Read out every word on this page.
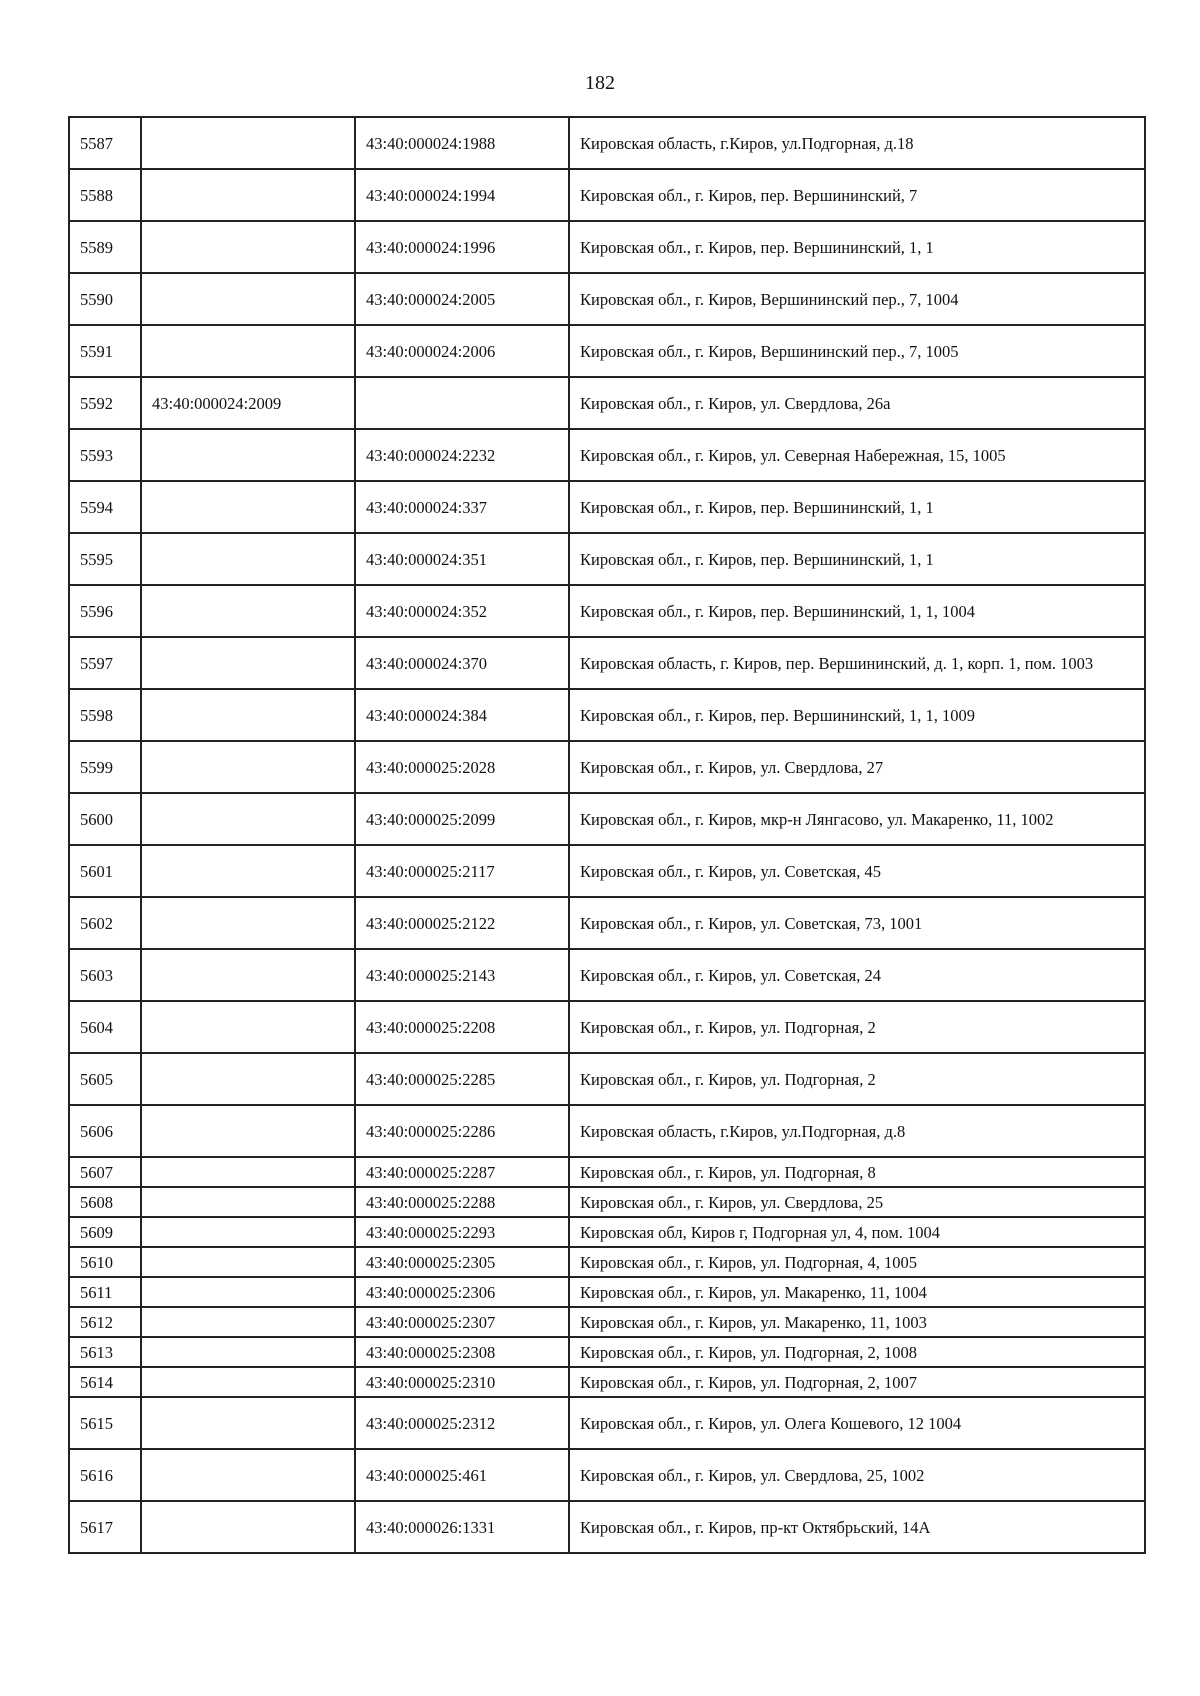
182
5587		43:40:000024:1988	Кировская область, г.Киров, ул.Подгорная, д.18
5588		43:40:000024:1994	Кировская обл., г. Киров, пер. Вершининский, 7
5589		43:40:000024:1996	Кировская обл., г. Киров, пер. Вершининский, 1, 1
5590		43:40:000024:2005	Кировская обл., г. Киров, Вершининский пер., 7, 1004
5591		43:40:000024:2006	Кировская обл., г. Киров, Вершининский пер., 7, 1005
5592	43:40:000024:2009		Кировская обл., г. Киров, ул. Свердлова, 26а
5593		43:40:000024:2232	Кировская обл., г. Киров, ул. Северная Набережная, 15, 1005
5594		43:40:000024:337	Кировская обл., г. Киров, пер. Вершининский, 1, 1
5595		43:40:000024:351	Кировская обл., г. Киров, пер. Вершининский, 1, 1
5596		43:40:000024:352	Кировская обл., г. Киров, пер. Вершининский, 1, 1, 1004
5597		43:40:000024:370	Кировская область, г. Киров, пер. Вершининский, д. 1, корп. 1, пом. 1003
5598		43:40:000024:384	Кировская обл., г. Киров, пер. Вершининский, 1, 1, 1009
5599		43:40:000025:2028	Кировская обл., г. Киров, ул. Свердлова, 27
5600		43:40:000025:2099	Кировская обл., г. Киров, мкр-н Лянгасово, ул. Макаренко, 11, 1002
5601		43:40:000025:2117	Кировская обл., г. Киров, ул. Советская, 45
5602		43:40:000025:2122	Кировская обл., г. Киров, ул. Советская, 73, 1001
5603		43:40:000025:2143	Кировская обл., г. Киров, ул. Советская, 24
5604		43:40:000025:2208	Кировская обл., г. Киров, ул. Подгорная, 2
5605		43:40:000025:2285	Кировская обл., г. Киров, ул. Подгорная, 2
5606		43:40:000025:2286	Кировская область, г.Киров, ул.Подгорная, д.8
5607		43:40:000025:2287	Кировская обл., г. Киров, ул. Подгорная, 8
5608		43:40:000025:2288	Кировская обл., г. Киров, ул. Свердлова, 25
5609		43:40:000025:2293	Кировская обл, Киров г, Подгорная ул, 4, пом. 1004
5610		43:40:000025:2305	Кировская обл., г. Киров, ул. Подгорная, 4, 1005
5611		43:40:000025:2306	Кировская обл., г. Киров, ул. Макаренко, 11, 1004
5612		43:40:000025:2307	Кировская обл., г. Киров, ул. Макаренко, 11, 1003
5613		43:40:000025:2308	Кировская обл., г. Киров, ул. Подгорная, 2, 1008
5614		43:40:000025:2310	Кировская обл., г. Киров, ул. Подгорная, 2, 1007
5615		43:40:000025:2312	Кировская обл., г. Киров, ул. Олега Кошевого, 12 1004
5616		43:40:000025:461	Кировская обл., г. Киров, ул. Свердлова, 25, 1002
5617		43:40:000026:1331	Кировская обл., г. Киров, пр-кт Октябрьский, 14А
